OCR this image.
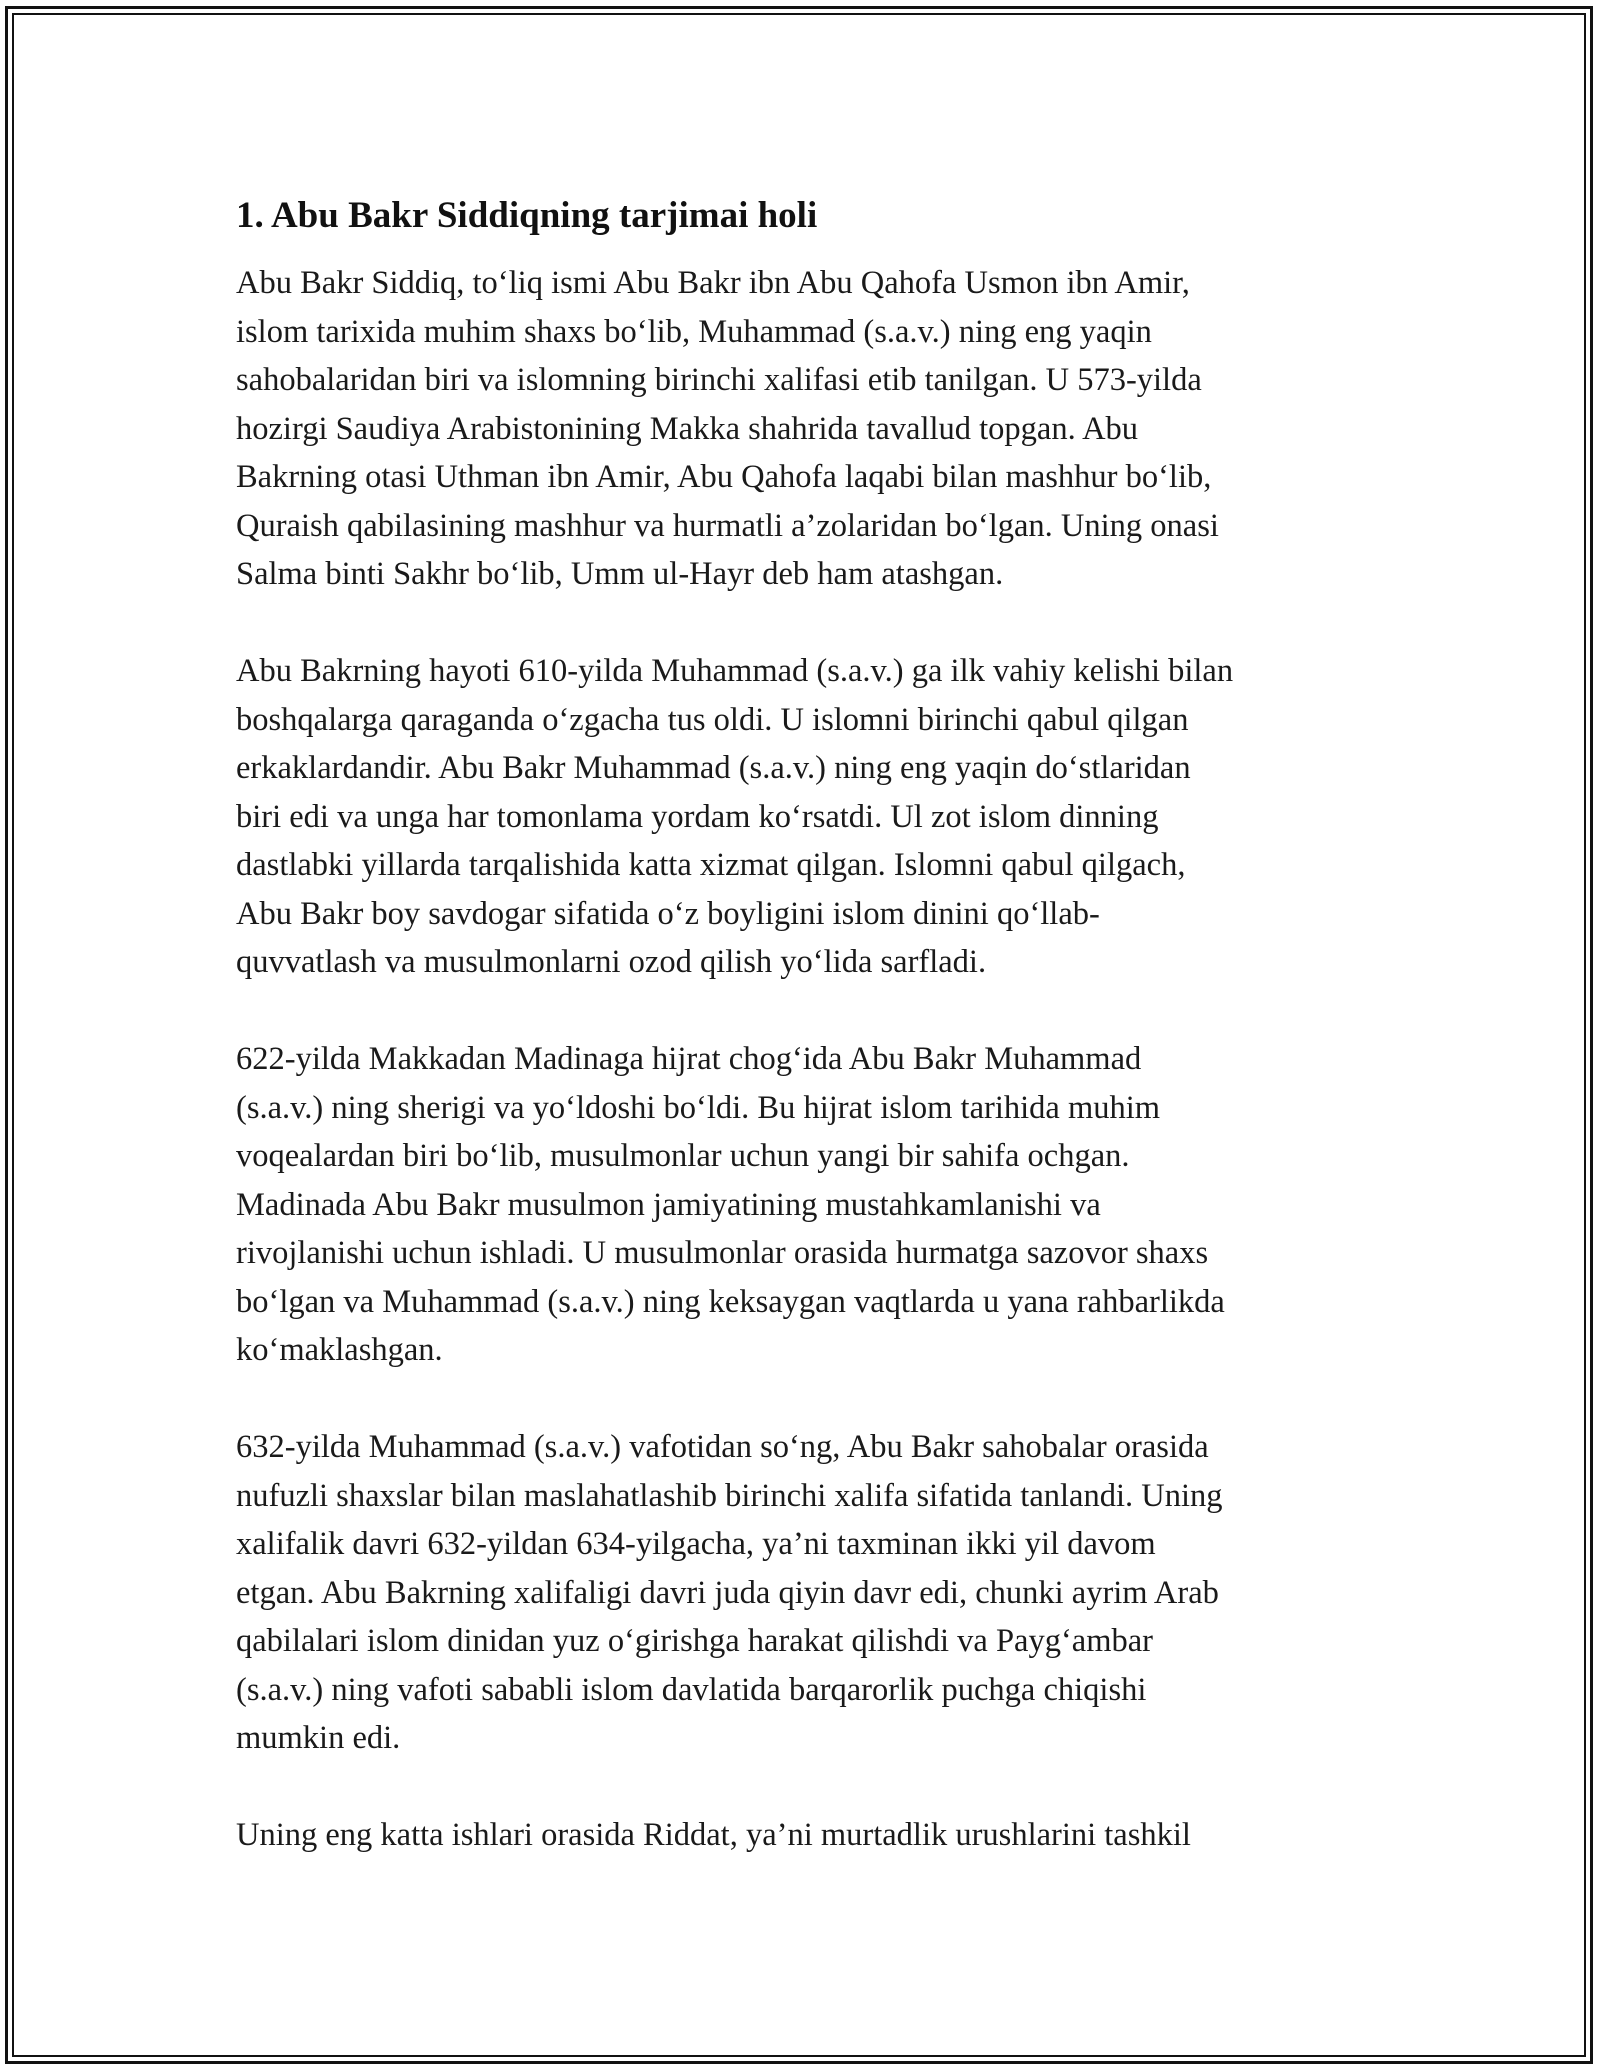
1. Abu Bakr Siddiqning tarjimai holi

Abu Bakr Siddiq, to‘liq ismi Abu Bakr ibn Abu Qahofa Usmon ibn Amir,
islom tarixida muhim shaxs bo‘lib, Muhammad (s.a.v.) ning eng yaqin
sahobalaridan biri va islomning birinchi xalifasi etib tanilgan. U 573-yilda
hozirgi Saudiya Arabistonining Makka shahrida tavallud topgan. Abu
Bakrning otasi Uthman ibn Amir, Abu Qahofa laqabi bilan mashhur bo‘lib,
Quraish qabilasining mashhur va hurmatli a’zolaridan bo‘lgan. Uning onasi
Salma binti Sakhr bo‘lib, Umm ul-Hayr deb ham atashgan.

Abu Bakrning hayoti 610-yilda Muhammad (s.a.v.) ga ilk vahiy kelishi bilan
boshqalarga qaraganda o‘zgacha tus oldi. U islomni birinchi qabul qilgan
erkaklardandir. Abu Bakr Muhammad (s.a.v.) ning eng yaqin do‘stlaridan
biri edi va unga har tomonlama yordam ko‘rsatdi. Ul zot islom dinning
dastlabki yillarda tarqalishida katta xizmat qilgan. Islomni qabul qilgach,
Abu Bakr boy savdogar sifatida o‘z boyligini islom dinini qo‘llab-
quvvatlash va musulmonlarni ozod qilish yo‘lida sarfladi.

622-yilda Makkadan Madinaga hijrat chog‘ida Abu Bakr Muhammad
(s.a.v.) ning sherigi va yo‘ldoshi bo‘ldi. Bu hijrat islom tarihida muhim
voqealardan biri bo‘lib, musulmonlar uchun yangi bir sahifa ochgan.
Madinada Abu Bakr musulmon jamiyatining mustahkamlanishi va
rivojlanishi uchun ishladi. U musulmonlar orasida hurmatga sazovor shaxs
bo‘lgan va Muhammad (s.a.v.) ning keksaygan vaqtlarda u yana rahbarlikda
ko‘maklashgan.

632-yilda Muhammad (s.a.v.) vafotidan so‘ng, Abu Bakr sahobalar orasida
nufuzli shaxslar bilan maslahatlashib birinchi xalifa sifatida tanlandi. Uning
xalifalik davri 632-yildan 634-yilgacha, ya’ni taxminan ikki yil davom
etgan. Abu Bakrning xalifaligi davri juda qiyin davr edi, chunki ayrim Arab
qabilalari islom dinidan yuz o‘girishga harakat qilishdi va Payg‘ambar
(s.a.v.) ning vafoti sababli islom davlatida barqarorlik puchga chiqishi
mumkin edi.

Uning eng katta ishlari orasida Riddat, ya’ni murtadlik urushlarini tashkil
